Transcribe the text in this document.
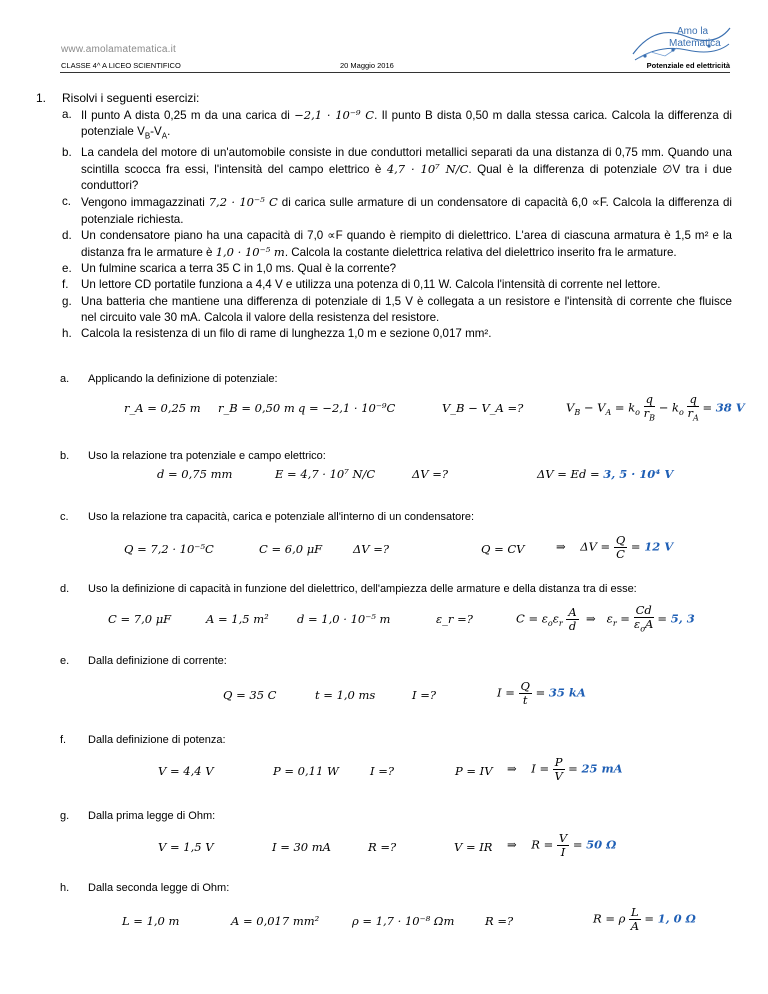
Amo la
Matematica
www.amolamatematica.it
CLASSE 4^ A LICEO SCIENTIFICO	20 Maggio 2016	Potenziale ed elettricità
1. Risolvi i seguenti esercizi:
a. Il punto A dista 0,25 m da una carica di −2,1 · 10⁻⁹ C. Il punto B dista 0,50 m dalla stessa carica. Calcola la differenza di potenziale $V_B-V_A$.
b. La candela del motore di un'automobile consiste in due conduttori metallici separati da una distanza di 0,75 mm. Quando una scintilla scocca fra essi, l'intensità del campo elettrico è 4,7 · 10⁷ N/C. Qual è la differenza di potenziale ∅V tra i due conduttori?
c. Vengono immagazzinati 7,2 · 10⁻⁵ C di carica sulle armature di un condensatore di capacità 6,0 ∝F. Calcola la differenza di potenziale richiesta.
d. Un condensatore piano ha una capacità di 7,0 ∝F quando è riempito di dielettrico. L'area di ciascuna armatura è 1,5 m² e la distanza fra le armature è 1,0 · 10⁻⁵ m. Calcola la costante dielettrica relativa del dielettrico inserito fra le armature.
e. Un fulmine scarica a terra 35 C in 1,0 ms. Qual è la corrente?
f.	Un lettore CD portatile funziona a 4,4 V e utilizza una potenza di 0,11 W. Calcola l'intensità di corrente nel lettore.
g. Una batteria che mantiene una differenza di potenziale di 1,5 V è collegata a un resistore e l'intensità di corrente che fluisce nel circuito vale 30 mA. Calcola il valore della resistenza del resistore.
h. Calcola la resistenza di un filo di rame di lunghezza 1,0 m e sezione 0,017 mm².
a. Applicando la definizione di potenziale:
r_A = 0,25 m r_B = 0,50 m q = −2,1 · 10⁻⁹C	V_B − V_A =?	$V_B - V_A = k_o \frac{q}{r_B} - k_o \frac{q}{r_A} = 38$ V
b. Uso la relazione tra potenziale e campo elettrico:
d = 0,75 mm	E = 4,7 · 10⁷ N/C	ΔV =?	ΔV = Ed = 3, 5 · 10⁴ V
c. Uso la relazione tra capacità, carica e potenziale all'interno di un condensatore:
Q = 7,2 · 10⁻⁵C	C = 6,0 μF	ΔV =?	Q = CV	⇒    $\Delta V = \frac{Q}{C} = 12$ V
d. Uso la definizione di capacità in funzione del dielettrico, dell'ampiezza delle armature e della distanza tra di esse:
C = 7,0 μF	A = 1,5 m² d = 1,0 · 10⁻⁵ m	ε_r =?	$C = \varepsilon_o\varepsilon_r \frac{A}{d}$ ⇒   $\varepsilon_r = \frac{Cd}{\varepsilon_oA} = 5$, 3
e. Dalla definizione di corrente:
Q = 35 C	t = 1,0 ms	I =?	$I = \frac{Q}{t} = 35$ kA
f. Dalla definizione di potenza:
V = 4,4 V	P = 0,11 W	I =?	P = IV ⇒    $I = \frac{P}{V} = 25$ mA
g. Dalla prima legge di Ohm:
V = 1,5 V	I = 30 mA	R =?	V = IR ⇒    $R = \frac{V}{I} = 50$ Ω
h. Dalla seconda legge di Ohm:
L = 1,0 m	A = 0,017 mm²	ρ = 1,7 · 10⁻⁸ Ωm	R =?	R = ρ $\frac{L}{A} = 1$, 0 Ω
